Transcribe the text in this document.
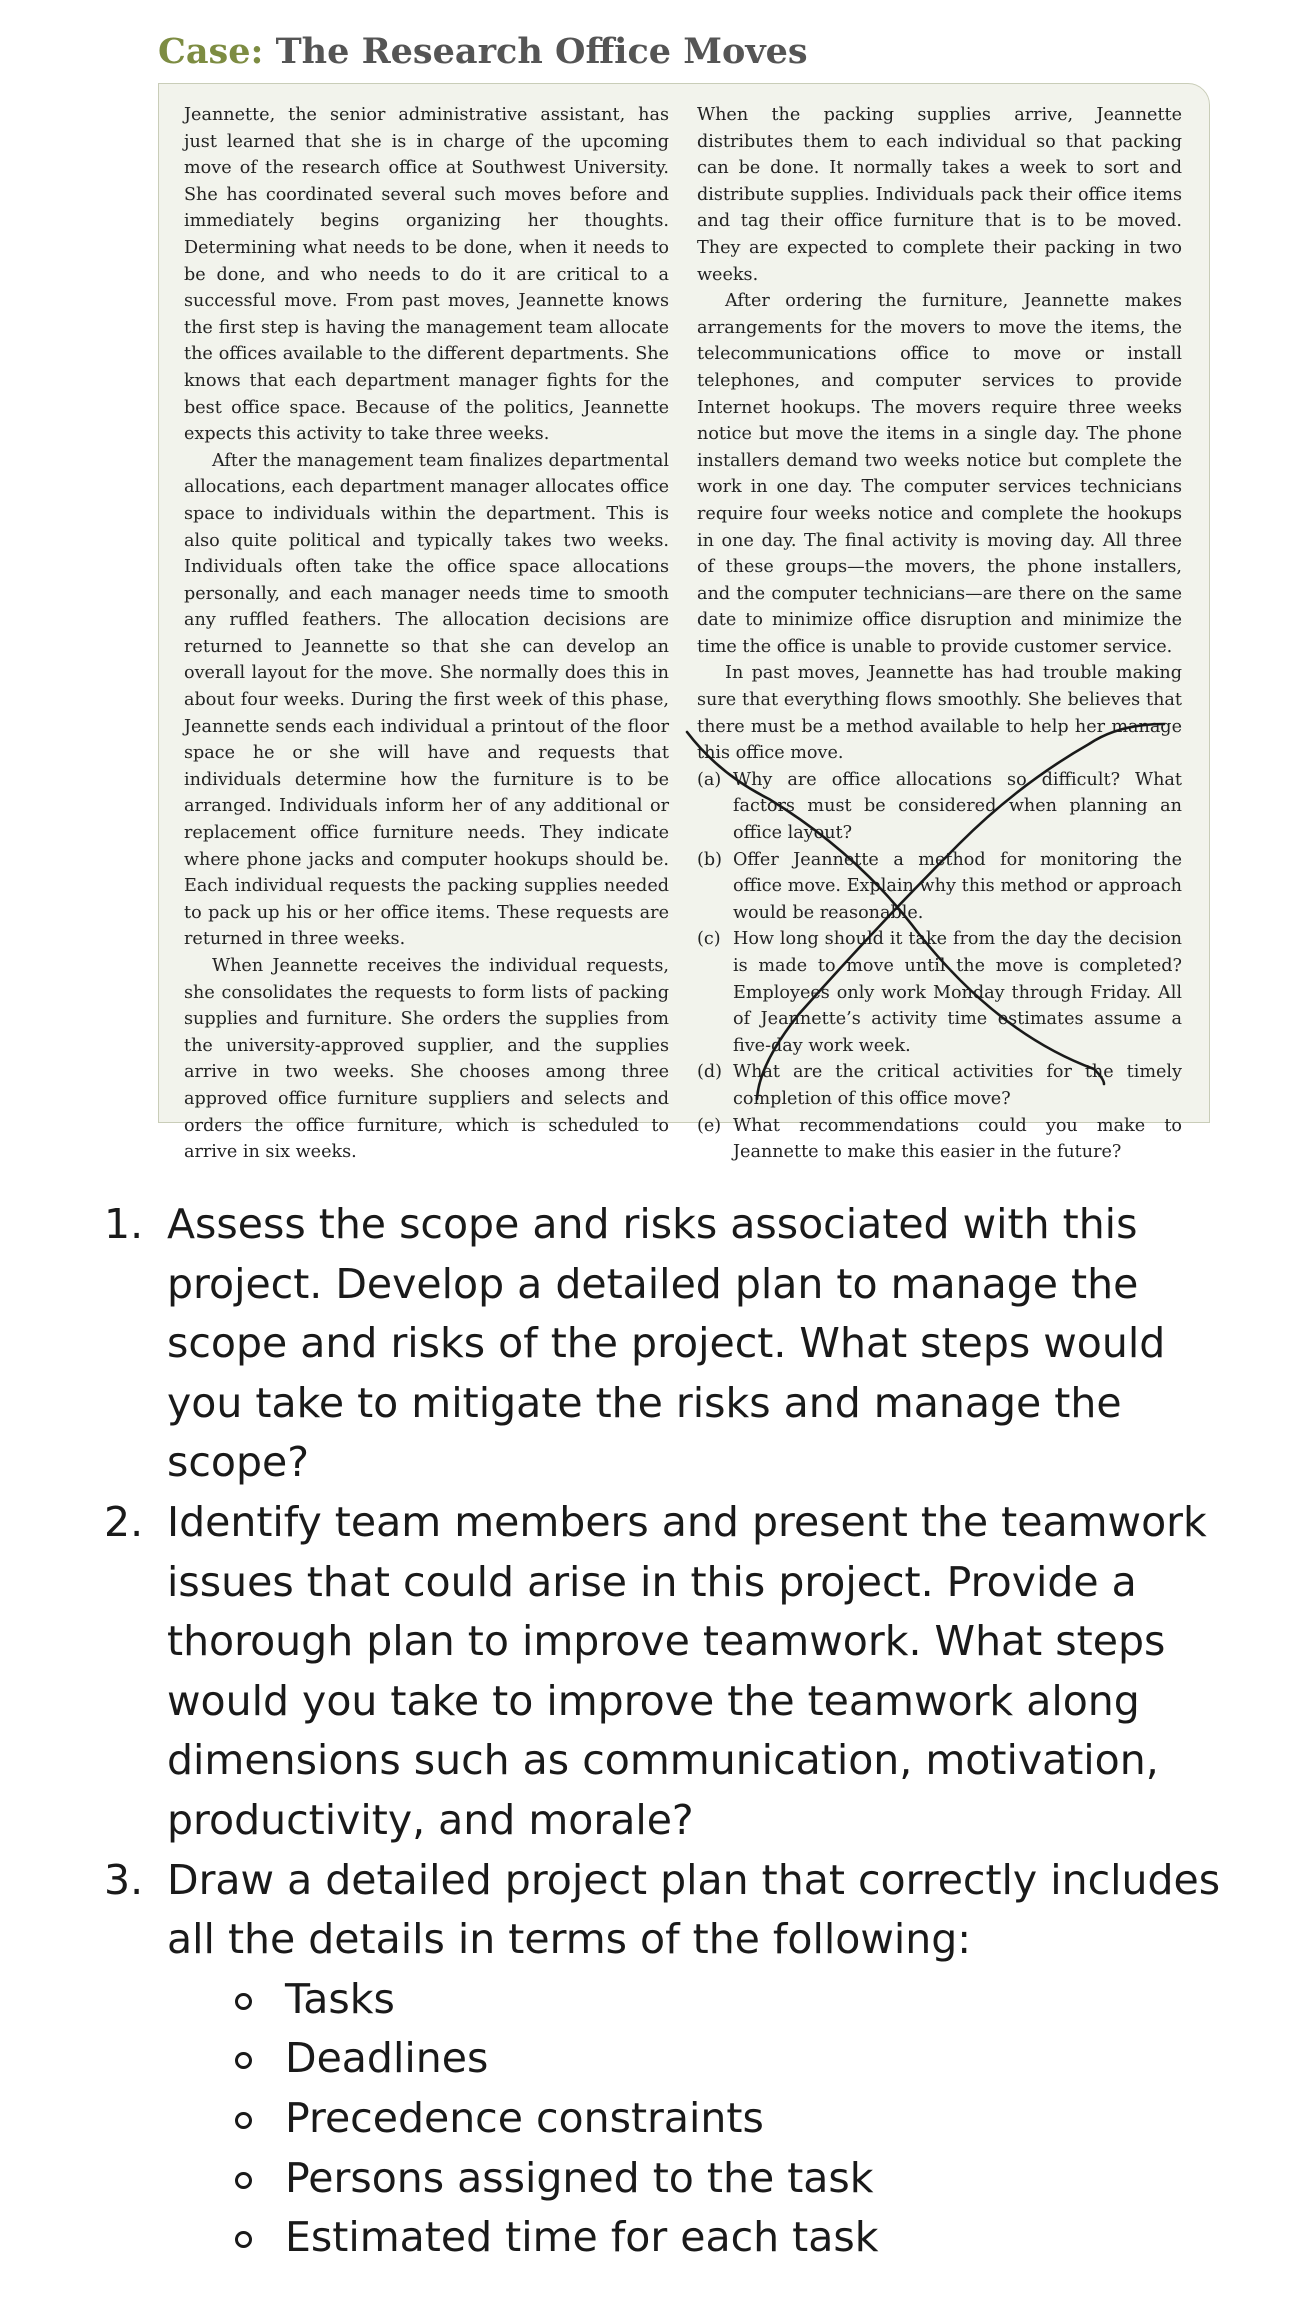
Case: The Research Office Moves

Jeannette, the senior administrative assistant, has just learned that she is in charge of the upcoming move of the research office at Southwest University. She has coordinated several such moves before and immediately begins organizing her thoughts. Determining what needs to be done, when it needs to be done, and who needs to do it are critical to a successful move. From past moves, Jeannette knows the first step is having the management team allocate the offices available to the different departments. She knows that each department manager fights for the best office space. Because of the politics, Jeannette expects this activity to take three weeks.

After the management team finalizes departmental allocations, each department manager allocates office space to individuals within the department. This is also quite political and typically takes two weeks. Individuals often take the office space allocations personally, and each manager needs time to smooth any ruffled feathers. The allocation decisions are returned to Jeannette so that she can develop an overall layout for the move. She normally does this in about four weeks. During the first week of this phase, Jeannette sends each individual a printout of the floor space he or she will have and requests that individuals determine how the furniture is to be arranged. Individuals inform her of any additional or replacement office furniture needs. They indicate where phone jacks and computer hookups should be. Each individual requests the packing supplies needed to pack up his or her office items. These requests are returned in three weeks.

When Jeannette receives the individual requests, she consolidates the requests to form lists of packing supplies and furniture. She orders the supplies from the university-approved supplier, and the supplies arrive in two weeks. She chooses among three approved office furniture suppliers and selects and orders the office furniture, which is scheduled to arrive in six weeks.

When the packing supplies arrive, Jeannette distributes them to each individual so that packing can be done. It normally takes a week to sort and distribute supplies. Individuals pack their office items and tag their office furniture that is to be moved. They are expected to complete their packing in two weeks.

After ordering the furniture, Jeannette makes arrangements for the movers to move the items, the telecommunications office to move or install telephones, and computer services to provide Internet hookups. The movers require three weeks notice but move the items in a single day. The phone installers demand two weeks notice but complete the work in one day. The computer services technicians require four weeks notice and complete the hookups in one day. The final activity is moving day. All three of these groups—the movers, the phone installers, and the computer technicians—are there on the same date to minimize office disruption and minimize the time the office is unable to provide customer service.

In past moves, Jeannette has had trouble making sure that everything flows smoothly. She believes that there must be a method available to help her manage this office move.

(a) Why are office allocations so difficult? What factors must be considered when planning an office layout?
(b) Offer Jeannette a method for monitoring the office move. Explain why this method or approach would be reasonable.
(c) How long should it take from the day the decision is made to move until the move is completed? Employees only work Monday through Friday. All of Jeannette’s activity time estimates assume a five-day work week.
(d) What are the critical activities for the timely completion of this office move?
(e) What recommendations could you make to Jeannette to make this easier in the future?
1. Assess the scope and risks associated with this project. Develop a detailed plan to manage the scope and risks of the project. What steps would you take to mitigate the risks and manage the scope?
2. Identify team members and present the teamwork issues that could arise in this project. Provide a thorough plan to improve teamwork. What steps would you take to improve the teamwork along dimensions such as communication, motivation, productivity, and morale?
3. Draw a detailed project plan that correctly includes all the details in terms of the following:
Tasks
Deadlines
Precedence constraints
Persons assigned to the task
Estimated time for each task
